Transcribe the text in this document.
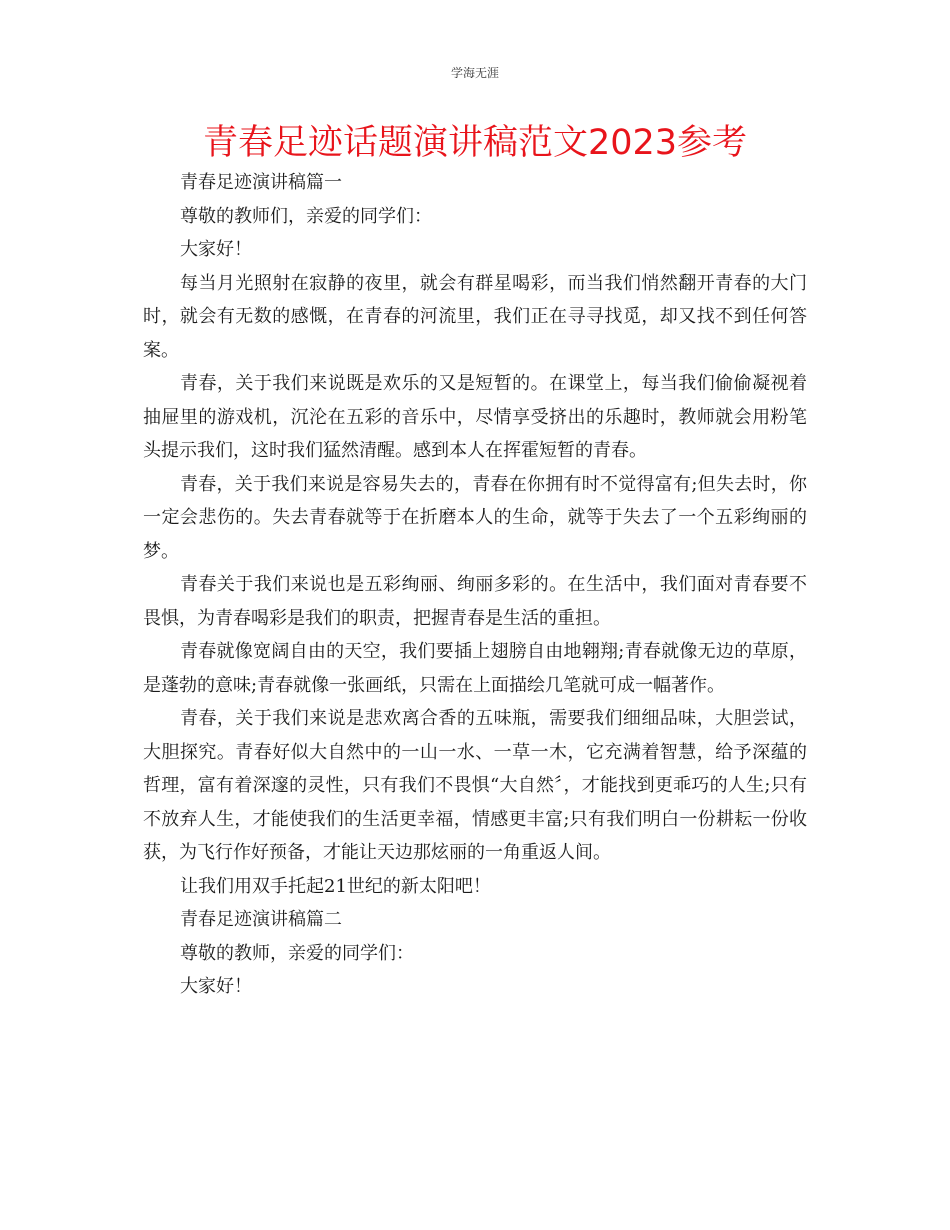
学海无涯
青春足迹话题演讲稿范文2023参考

青春足迹演讲稿篇一

尊敬的教师们，亲爱的同学们：

大家好！

每当月光照射在寂静的夜里，就会有群星喝彩，而当我们悄然翻开青春的大门时，就会有无数的感慨，在青春的河流里，我们正在寻寻找觅，却又找不到任何答案。

青春，关于我们来说既是欢乐的又是短暂的。在课堂上，每当我们偷偷凝视着抽屉里的游戏机，沉沦在五彩的音乐中，尽情享受挤出的乐趣时，教师就会用粉笔头提示我们，这时我们猛然清醒。感到本人在挥霍短暂的青春。

青春，关于我们来说是容易失去的，青春在你拥有时不觉得富有;但失去时，你一定会悲伤的。失去青春就等于在折磨本人的生命，就等于失去了一个五彩绚丽的梦。

青春关于我们来说也是五彩绚丽、绚丽多彩的。在生活中，我们面对青春要不畏惧，为青春喝彩是我们的职责，把握青春是生活的重担。

青春就像宽阔自由的天空，我们要插上翅膀自由地翱翔;青春就像无边的草原，是蓬勃的意味;青春就像一张画纸，只需在上面描绘几笔就可成一幅著作。

青春，关于我们来说是悲欢离合香的五味瓶，需要我们细细品味，大胆尝试，大胆探究。青春好似大自然中的一山一水、一草一木，它充满着智慧，给予深蕴的哲理，富有着深邃的灵性，只有我们不畏惧“大自然〞，才能找到更乖巧的人生;只有不放弃人生，才能使我们的生活更幸福，情感更丰富;只有我们明白一份耕耘一份收获，为飞行作好预备，才能让天边那炫丽的一角重返人间。

让我们用双手托起21世纪的新太阳吧！

青春足迹演讲稿篇二

尊敬的教师，亲爱的同学们：

大家好！
